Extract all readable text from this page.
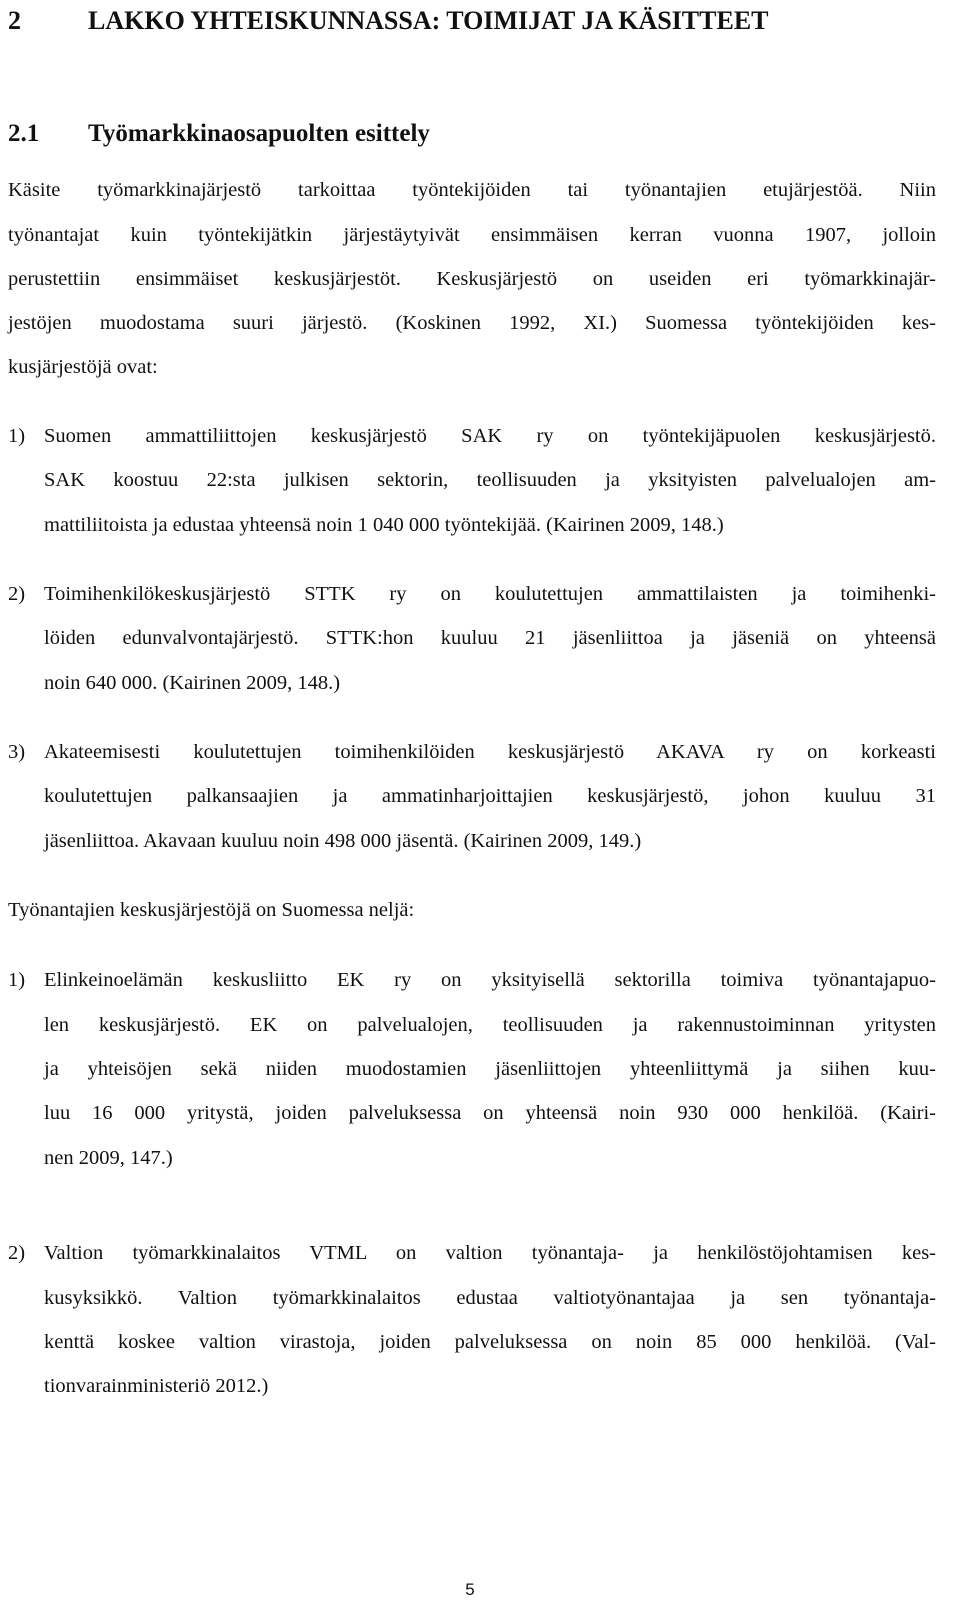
2	LAKKO YHTEISKUNNASSA: TOIMIJAT JA KÄSITTEET
2.1 Työmarkkinaosapuolten esittely
Käsite työmarkkinajärjestö tarkoittaa työntekijöiden tai työnantajien etujärjestöä. Niin
työnantajat kuin työntekijätkin järjestäytyivät ensimmäisen kerran vuonna 1907, jolloin
perustettiin ensimmäiset keskusjärjestöt. Keskusjärjestö on useiden eri työmarkkinajär-
jestöjen muodostama suuri järjestö. (Koskinen 1992, XI.) Suomessa työntekijöiden kes-
kusjärjestöjä ovat:
1) Suomen ammattiliittojen keskusjärjestö SAK ry on työntekijäpuolen keskusjärjestö.
SAK koostuu 22:sta julkisen sektorin, teollisuuden ja yksityisten palvelualojen am-
mattiliitoista ja edustaa yhteensä noin 1 040 000 työntekijää. (Kairinen 2009, 148.)
2) Toimihenkilökeskusjärjestö STTK ry on koulutettujen ammattilaisten ja toimihenki-
löiden edunvalvontajärjestö. STTK:hon kuuluu 21 jäsenliittoa ja jäseniä on yhteensä
noin 640 000. (Kairinen 2009, 148.)
3) Akateemisesti koulutettujen toimihenkilöiden keskusjärjestö AKAVA ry on korkeasti
koulutettujen palkansaajien ja ammatinharjoittajien keskusjärjestö, johon kuuluu 31
jäsenliittoa. Akavaan kuuluu noin 498 000 jäsentä. (Kairinen 2009, 149.)
Työnantajien keskusjärjestöjä on Suomessa neljä:
1) Elinkeinoelämän keskusliitto EK ry on yksityisellä sektorilla toimiva työnantajapuo-
len keskusjärjestö. EK on palvelualojen, teollisuuden ja rakennustoiminnan yritysten
ja yhteisöjen sekä niiden muodostamien jäsenliittojen yhteenliittymä ja siihen kuu-
luu 16 000 yritystä, joiden palveluksessa on yhteensä noin 930 000 henkilöä. (Kairi-
nen 2009, 147.)
2) Valtion työmarkkinalaitos VTML on valtion työnantaja- ja henkilöstöjohtamisen kes-
kusyksikkö. Valtion työmarkkinalaitos edustaa valtiotyönantajaa ja sen työnantaja-
kenttä koskee valtion virastoja, joiden palveluksessa on noin 85 000 henkilöä. (Val-
tionvarainministeriö 2012.)
5
